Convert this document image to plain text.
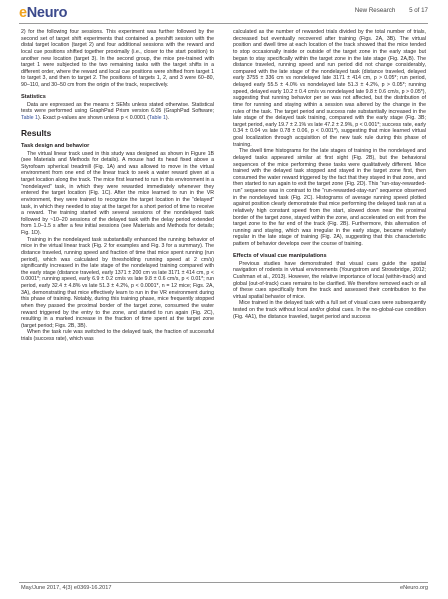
eNeuro	New Research 5 of 17

2) for the following four sessions. This experiment was further followed by the second set of target shift experiments that contained a preshift session with the distal target location (target 2) and four additional sessions with the reward and local cue positions shifted together proximally (i.e., closer to the start position) to another new location (target 3). In the second group, the mice pre-trained with target 1 were subjected to the two remaining tasks with the target shifts in a different order, where the reward and local cue positions were shifted from target 1 to target 3, and then to target 2. The positions of targets 1, 2, and 3 were 60–80, 90–110, and 30–50 cm from the origin of the track, respectively.

Statistics

Data are expressed as the means ± SEMs unless stated otherwise. Statistical tests were performed using GraphPad Prism version 6.05 (GraphPad Software; Table 1). Exact p-values are shown unless p < 0.0001 (Table 1).

Results
Task design and behavior

The virtual linear track used in this study was designed as shown in Figure 1B (see Materials and Methods for details). A mouse had its head fixed above a Styrofoam spherical treadmill (Fig. 1A) and was allowed to move in the virtual environment from one end of the linear track to seek a water reward given at a target location along the track. The mice first learned to run in this environment in a “nondelayed” task, in which they were rewarded immediately whenever they entered the target location (Fig. 1C). After the mice learned to run in the VR environment, they were trained to recognize the target location in the “delayed” task, in which they needed to stay at the target for a short period of time to receive a reward. The training started with several sessions of the nondelayed task followed by ~10–20 sessions of the delayed task with the delay period extended from 1.0–1.5 s after a few initial sessions (see Materials and Methods for details; Fig. 1D).

Training in the nondelayed task substantially enhanced the running behavior of mice in the virtual linear track (Fig. 2 for examples and Fig. 3 for a summary). The distance traveled, running speed and fraction of time that mice spent running (run period), which was calculated by thresholding running speed at 2 cm/s) significantly increased in the late stage of the nondelayed training compared with the early stage (distance traveled, early 1371 ± 200 cm vs late 3171 ± 414 cm, p < 0.0001*; running speed, early 6.9 ± 0.2 cm/s vs late 9.8 ± 0.6 cm/s, p < 0.01*; run period, early 32.4 ± 4.8% vs late 51.3 ± 4.2%, p < 0.0001*, n = 12 mice; Figs. 2A, 3A), demonstrating that mice effectively learn to run in the VR environment during this phase of training. Notably, during this training phase, mice frequently stopped when they passed the proximal border of the target zone, consumed the water reward triggered by the entry to the zone, and started to run again (Fig. 2C), resulting in a marked increase in the fraction of time spent at the target zone (target period; Figs. 2B, 3B).

When the task rule was switched to the delayed task, the fraction of successful trials (success rate), which was

calculated as the number of rewarded trials divided by the total number of trials, decreased but eventually recovered after training (Figs. 2A, 3B). The virtual position and dwell time at each location of the track showed that the mice tended to stop occasionally inside or outside of the target zone in the early stage but began to stay specifically within the target zone in the late stage (Fig. 2A,B). The distance traveled, running speed and run period did not change considerably, compared with the late stage of the nondelayed task (distance traveled, delayed early 3755 ± 336 cm vs nondelayed late 3171 ± 414 cm, p > 0.05*; run period, delayed early 55.5 ± 4.0% vs nondelayed late 51.3 ± 4.2%, p > 0.05*; running speed, delayed early 10.2 ± 0.4 cm/s vs nondelayed late 9.8 ± 0.6 cm/s, p > 0.05*), suggesting that running behavior per se was not affected, but the distribution of time for running and staying within a session was altered by the change in the rules of the task. The target period and success rate substantially increased in the late stage of the delayed task training, compared with the early stage (Fig. 3B; target period, early 19.7 ± 2.1% vs late 47.2 ± 2.9%, p < 0.001*; success rate, early 0.34 ± 0.04 vs late 0.78 ± 0.06, p < 0.001*), suggesting that mice learned virtual goal localization through acquisition of the new task rule during this phase of training.

The dwell time histograms for the late stages of training in the nondelayed and delayed tasks appeared similar at first sight (Fig. 2B), but the behavioral sequences of the mice performing these tasks were qualitatively different. Mice trained with the delayed task stopped and stayed in the target zone first, then consumed the water reward triggered by the fact that they stayed in that zone, and then started to run again to exit the target zone (Fig. 2D). This “run-stay-rewarded-run” sequence was in contrast to the “run-rewarded-stay-run” sequence observed in the nondelayed task (Fig. 2C). Histograms of average running speed plotted against position clearly demonstrate that mice performing the delayed task ran at a relatively high constant speed from the start, slowed down near the proximal border of the target zone, stayed within the zone, and accelerated on exit from the target zone to the far end of the track (Fig. 2B). Furthermore, this alternation of running and staying, which was irregular in the early stage, became relatively regular in the late stage of training (Fig. 2A), suggesting that this characteristic pattern of behavior develops over the course of training.

Effects of visual cue manipulations

Previous studies have demonstrated that visual cues guide the spatial navigation of rodents in virtual environments (Youngstrom and Strowbridge, 2012; Cushman et al., 2013). However, the relative importance of local (within-track) and global (out-of-track) cues remains to be clarified. We therefore removed each or all of these cues specifically from the track and assessed their contribution to the virtual spatial behavior of mice.

Mice trained in the delayed task with a full set of visual cues were subsequently tested on the track without local and/or global cues. In the no-global-cue condition (Fig. 4A1), the distance traveled, target period and success

May/June 2017, 4(3) e0369-16.2017	eNeuro.org
